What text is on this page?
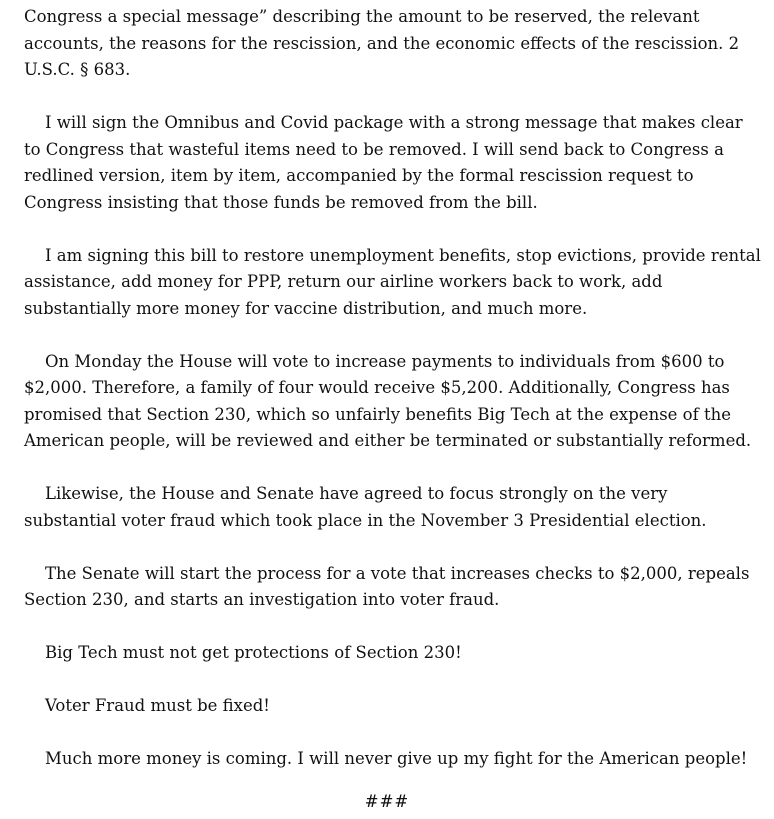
Congress a special message” describing the amount to be reserved, the relevant accounts, the reasons for the rescission, and the economic effects of the rescission. 2 U.S.C. § 683.

I will sign the Omnibus and Covid package with a strong message that makes clear to Congress that wasteful items need to be removed. I will send back to Congress a redlined version, item by item, accompanied by the formal rescission request to Congress insisting that those funds be removed from the bill.

I am signing this bill to restore unemployment benefits, stop evictions, provide rental assistance, add money for PPP, return our airline workers back to work, add substantially more money for vaccine distribution, and much more.

On Monday the House will vote to increase payments to individuals from $600 to $2,000. Therefore, a family of four would receive $5,200. Additionally, Congress has promised that Section 230, which so unfairly benefits Big Tech at the expense of the American people, will be reviewed and either be terminated or substantially reformed.

Likewise, the House and Senate have agreed to focus strongly on the very substantial voter fraud which took place in the November 3 Presidential election.

The Senate will start the process for a vote that increases checks to $2,000, repeals Section 230, and starts an investigation into voter fraud.

Big Tech must not get protections of Section 230!

Voter Fraud must be fixed!

Much more money is coming. I will never give up my fight for the American people!

###
